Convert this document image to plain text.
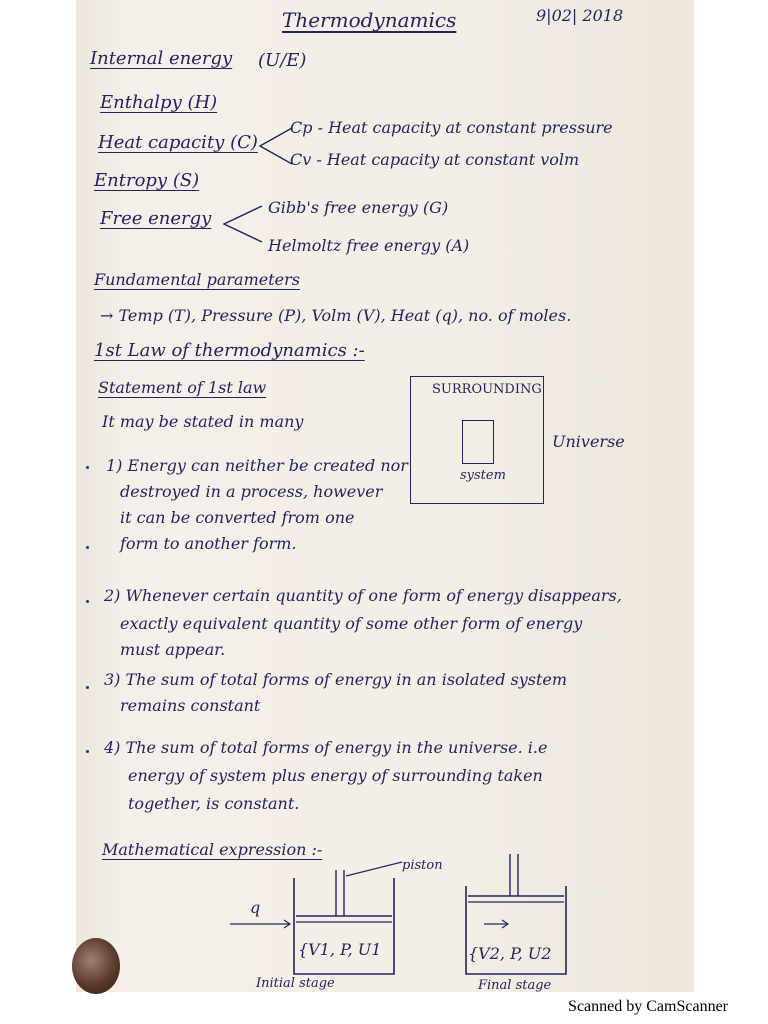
Thermodynamics	9|02| 2018
Internal energy (U/E)
Enthalpy (H)
Heat capacity (C)
Cp - Heat capacity at constant pressure
Cv - Heat capacity at constant volm
Entropy (S)
Free energy
Gibb's free energy (G)
Helmoltz free energy (A)
Fundamental parameters
→ Temp (T), Pressure (P), Volm (V), Heat (q), no. of moles.
1st Law of thermodynamics :-
Statement of 1st law
It may be stated in many
1) Energy can neither be created nor
destroyed in a process, however
it can be converted from one
form to another form.
SURROUNDING
system
Universe
2) Whenever certain quantity of one form of energy disappears,
exactly equivalent quantity of some other form of energy
must appear.
3) The sum of total forms of energy in an isolated system
remains constant
4) The sum of total forms of energy in the universe. i.e
energy of system plus energy of surrounding taken
together, is constant.
Mathematical expression :-
piston
q
{V1, P, U1	{V2, P, U2
Initial stage	Final stage
Scanned by CamScanner
